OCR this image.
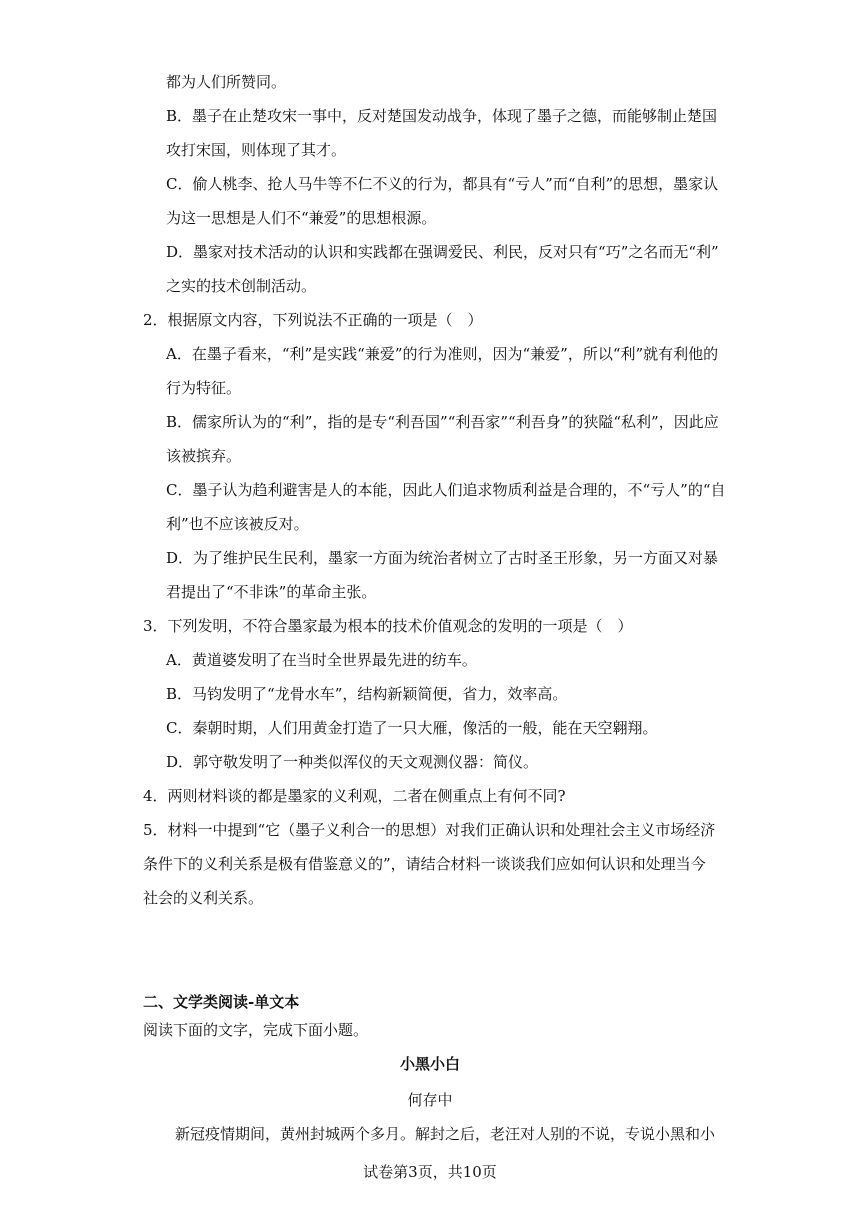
都为人们所赞同。
B．墨子在止楚攻宋一事中，反对楚国发动战争，体现了墨子之德，而能够制止楚国
攻打宋国，则体现了其才。
C．偷人桃李、抢人马牛等不仁不义的行为，都具有“亏人”而“自利”的思想，墨家认
为这一思想是人们不“兼爱”的思想根源。
D．墨家对技术活动的认识和实践都在强调爱民、利民，反对只有“巧”之名而无“利”
之实的技术创制活动。
2．根据原文内容，下列说法不正确的一项是（　）
A．在墨子看来，“利”是实践“兼爱”的行为准则，因为“兼爱”，所以“利”就有利他的
行为特征。
B．儒家所认为的“利”，指的是专“利吾国”“利吾家”“利吾身”的狭隘“私利”，因此应
该被摈弃。
C．墨子认为趋利避害是人的本能，因此人们追求物质利益是合理的，不“亏人”的“自
利”也不应该被反对。
D．为了维护民生民利，墨家一方面为统治者树立了古时圣王形象，另一方面又对暴
君提出了“不非诛”的革命主张。
3．下列发明，不符合墨家最为根本的技术价值观念的发明的一项是（　）
A．黄道婆发明了在当时全世界最先进的纺车。
B．马钧发明了“龙骨水车”，结构新颖简便，省力，效率高。
C．秦朝时期，人们用黄金打造了一只大雁，像活的一般，能在天空翱翔。
D．郭守敬发明了一种类似浑仪的天文观测仪器：简仪。
4．两则材料谈的都是墨家的义利观，二者在侧重点上有何不同?
5．材料一中提到“它（墨子义利合一的思想）对我们正确认识和处理社会主义市场经济
条件下的义利关系是极有借鉴意义的”，请结合材料一谈谈我们应如何认识和处理当今
社会的义利关系。
二、文学类阅读-单文本
阅读下面的文字，完成下面小题。
小黑小白
何存中
新冠疫情期间，黄州封城两个多月。解封之后，老汪对人别的不说，专说小黑和小
试卷第3页，共10页
